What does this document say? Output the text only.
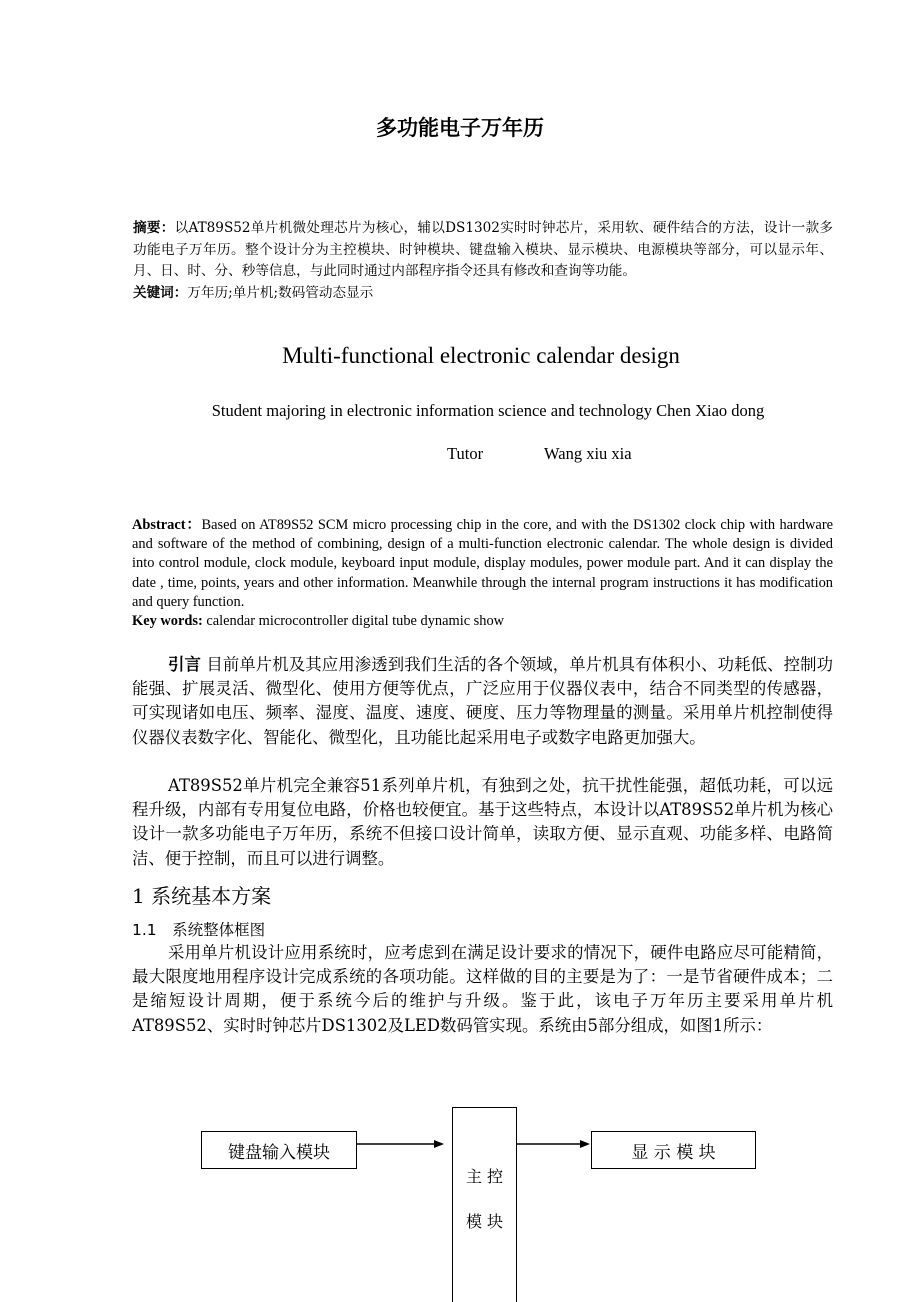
多功能电子万年历
摘要：以AT89S52单片机微处理芯片为核心，辅以DS1302实时时钟芯片，采用软、硬件结合的方法，设计一款多功能电子万年历。整个设计分为主控模块、时钟模块、键盘输入模块、显示模块、电源模块等部分，可以显示年、月、日、时、分、秒等信息，与此同时通过内部程序指令还具有修改和查询等功能。
关键词：万年历;单片机;数码管动态显示
Multi-functional electronic calendar design
Student majoring in electronic information science and technology Chen Xiao dong
Tutor	Wang xiu xia
Abstract：Based on AT89S52 SCM micro processing chip in the core, and with the DS1302 clock chip with hardware and software of the method of combining, design of a multi-function electronic calendar. The whole design is divided into control module, clock module, keyboard input module, display modules, power module part. And it can display the date , time, points, years and other information. Meanwhile through the internal program instructions it has modification and query function.
Key words: calendar microcontroller digital tube dynamic show
引言 目前单片机及其应用渗透到我们生活的各个领域，单片机具有体积小、功耗低、控制功能强、扩展灵活、微型化、使用方便等优点，广泛应用于仪器仪表中，结合不同类型的传感器，可实现诸如电压、频率、湿度、温度、速度、硬度、压力等物理量的测量。采用单片机控制使得仪器仪表数字化、智能化、微型化，且功能比起采用电子或数字电路更加强大。
AT89S52单片机完全兼容51系列单片机，有独到之处，抗干扰性能强，超低功耗，可以远程升级，内部有专用复位电路，价格也较便宜。基于这些特点，本设计以AT89S52单片机为核心设计一款多功能电子万年历，系统不但接口设计简单，读取方便、显示直观、功能多样、电路简洁、便于控制，而且可以进行调整。
1 系统基本方案
1.1　系统整体框图
采用单片机设计应用系统时，应考虑到在满足设计要求的情况下，硬件电路应尽可能精简，最大限度地用程序设计完成系统的各项功能。这样做的目的主要是为了：一是节省硬件成本；二是缩短设计周期，便于系统今后的维护与升级。鉴于此，该电子万年历主要采用单片机AT89S52、实时时钟芯片DS1302及LED数码管实现。系统由5部分组成，如图1所示：
键盘输入模块	显 示 模 块
主 控
模 块
